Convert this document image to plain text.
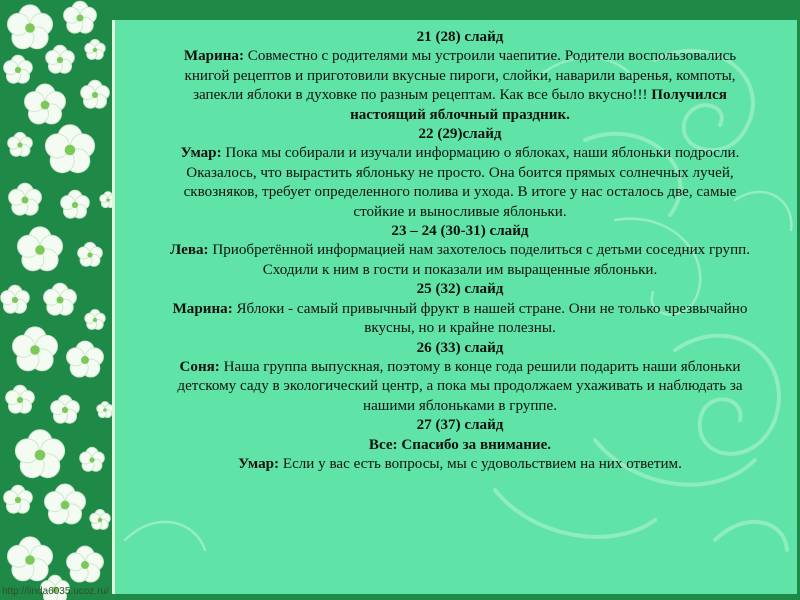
21 (28) слайд
Марина: Совместно с родителями мы устроили чаепитие. Родители воспользовались
книгой рецептов и приготовили вкусные пироги, слойки, наварили варенья, компоты,
запекли яблоки в духовке по разным рецептам. Как все было вкусно!!! Получился
настоящий яблочный праздник.
22 (29)слайд
Умар: Пока мы собирали и изучали информацию о яблоках, наши яблоньки подросли.
Оказалось, что вырастить яблоньку не просто. Она боится прямых солнечных лучей,
сквозняков, требует определенного полива и ухода. В итоге у нас осталось две, самые
стойкие и выносливые яблоньки.
23 – 24 (30-31) слайд
Лева: Приобретённой информацией нам захотелось поделиться с детьми соседних групп.
Сходили к ним в гости и показали им выращенные яблоньки.
25 (32) слайд
Марина: Яблоки - самый привычный фрукт в нашей стране. Они не только чрезвычайно
вкусны, но и крайне полезны.
26 (33) слайд
Соня: Наша группа выпускная, поэтому в конце года решили подарить наши яблоньки
детскому саду в экологический центр, а пока мы продолжаем ухаживать и наблюдать за
нашими яблоньками в группе.
27 (37) слайд
Все: Спасибо за внимание.
Умар: Если у вас есть вопросы, мы с удовольствием на них ответим.
http://linda6035.ucoz.ru/
